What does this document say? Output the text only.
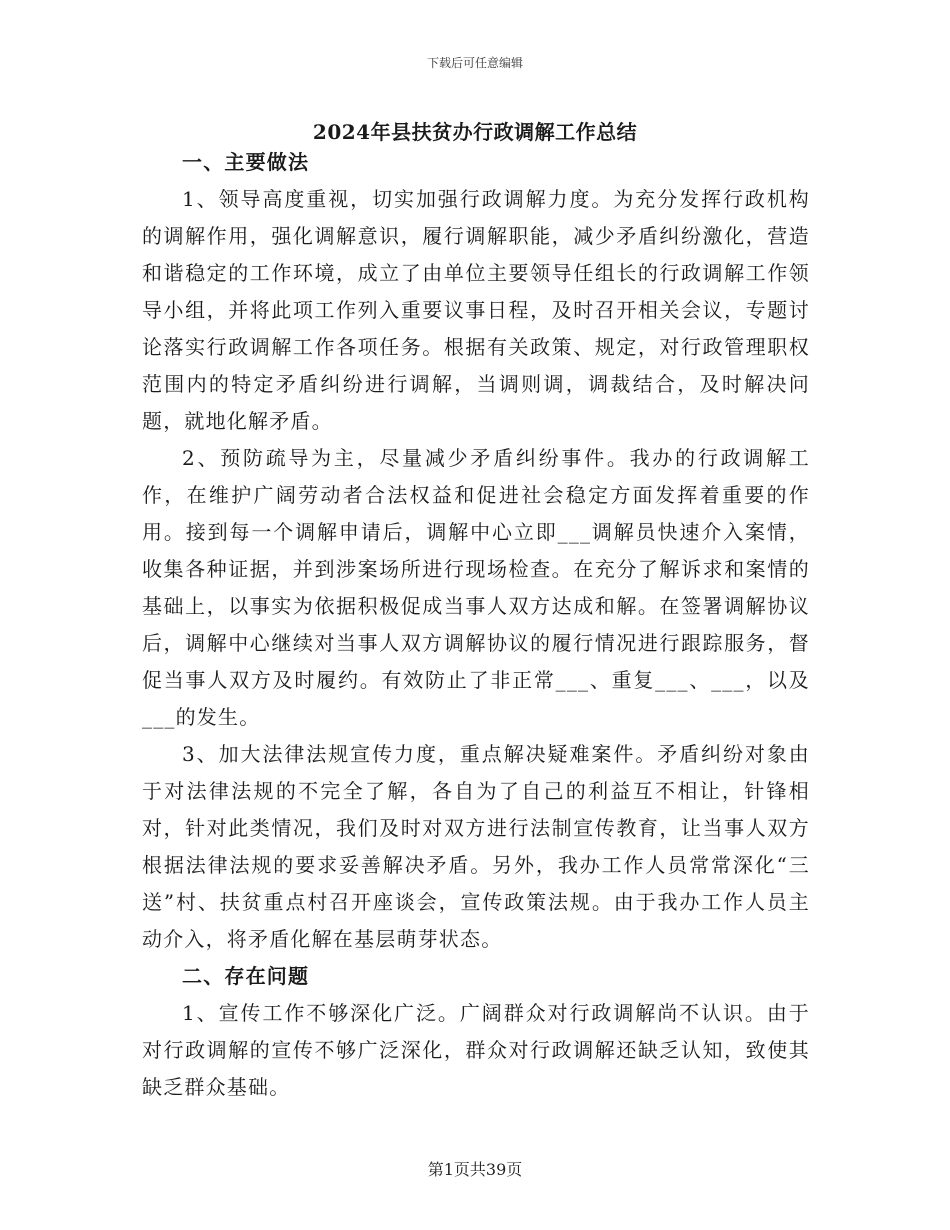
下载后可任意编辑
2024年县扶贫办行政调解工作总结

一、主要做法

1、领导高度重视，切实加强行政调解力度。为充分发挥行政机构的调解作用，强化调解意识，履行调解职能，减少矛盾纠纷激化，营造和谐稳定的工作环境，成立了由单位主要领导任组长的行政调解工作领导小组，并将此项工作列入重要议事日程，及时召开相关会议，专题讨论落实行政调解工作各项任务。根据有关政策、规定，对行政管理职权范围内的特定矛盾纠纷进行调解，当调则调，调裁结合，及时解决问题，就地化解矛盾。

2、预防疏导为主，尽量减少矛盾纠纷事件。我办的行政调解工作，在维护广阔劳动者合法权益和促进社会稳定方面发挥着重要的作用。接到每一个调解申请后，调解中心立即___调解员快速介入案情，收集各种证据，并到涉案场所进行现场检查。在充分了解诉求和案情的基础上，以事实为依据积极促成当事人双方达成和解。在签署调解协议后，调解中心继续对当事人双方调解协议的履行情况进行跟踪服务，督促当事人双方及时履约。有效防止了非正常___、重复___、___，以及___的发生。

3、加大法律法规宣传力度，重点解决疑难案件。矛盾纠纷对象由于对法律法规的不完全了解，各自为了自己的利益互不相让，针锋相对，针对此类情况，我们及时对双方进行法制宣传教育，让当事人双方根据法律法规的要求妥善解决矛盾。另外，我办工作人员常常深化“三送”村、扶贫重点村召开座谈会，宣传政策法规。由于我办工作人员主动介入，将矛盾化解在基层萌芽状态。

二、存在问题

1、宣传工作不够深化广泛。广阔群众对行政调解尚不认识。由于对行政调解的宣传不够广泛深化，群众对行政调解还缺乏认知，致使其缺乏群众基础。

第1页共39页
